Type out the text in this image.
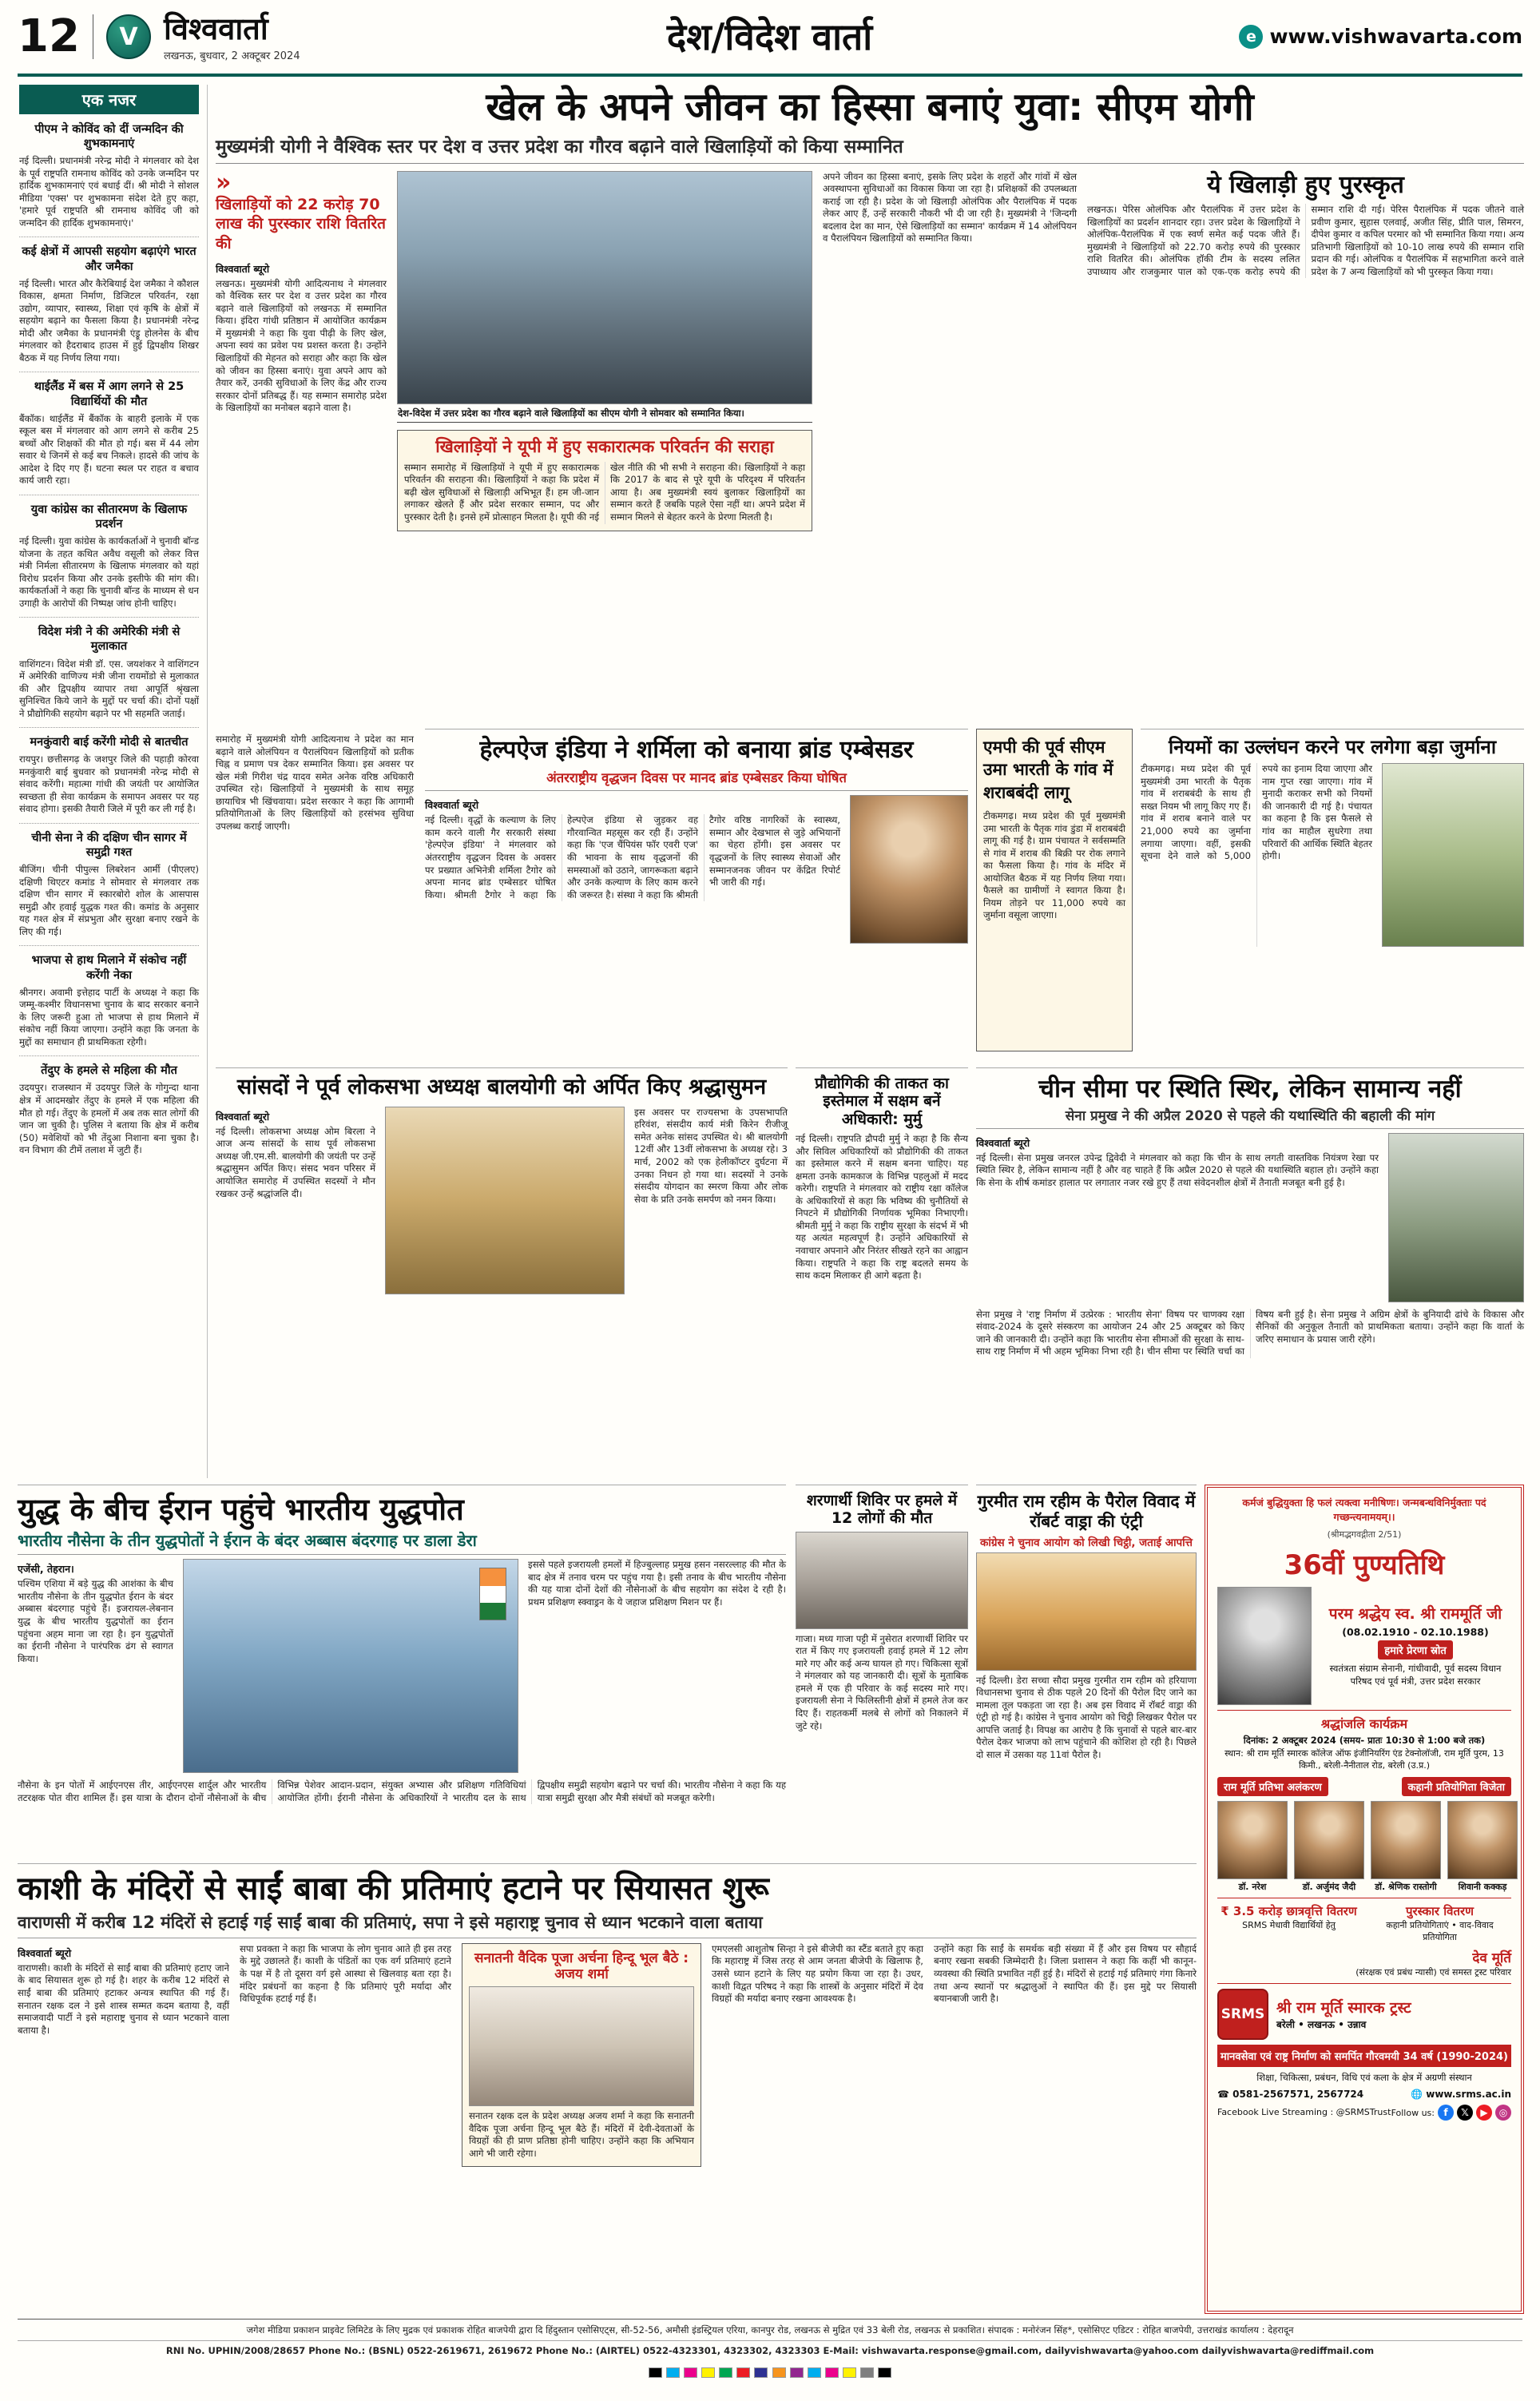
12	V विश्ववार्ता
लखनऊ, बुधवार, 2 अक्टूबर 2024	देश/विदेश वार्ता	e www.vishwavarta.com
एक नजर
पीएम ने कोविंद को दीं जन्मदिन की शुभकामनाएं
नई दिल्ली। प्रधानमंत्री नरेन्द्र मोदी ने मंगलवार को देश के पूर्व राष्ट्रपति रामनाथ कोविंद को उनके जन्मदिन पर हार्दिक शुभकामनाएं एवं बधाई दीं। श्री मोदी ने सोशल मीडिया 'एक्स' पर शुभकामना संदेश देते हुए कहा, 'हमारे पूर्व राष्ट्रपति श्री रामनाथ कोविंद जी को जन्मदिन की हार्दिक शुभकामनाएं।'
कई क्षेत्रों में आपसी सहयोग बढ़ाएंगे भारत और जमैका
नई दिल्ली। भारत और कैरेबियाई देश जमैका ने कौशल विकास, क्षमता निर्माण, डिजिटल परिवर्तन, रक्षा उद्योग, व्यापार, स्वास्थ्य, शिक्षा एवं कृषि के क्षेत्रों में सहयोग बढ़ाने का फैसला किया है। प्रधानमंत्री नरेन्द्र मोदी और जमैका के प्रधानमंत्री एंड्रू होलनेस के बीच मंगलवार को हैदराबाद हाउस में हुई द्विपक्षीय शिखर बैठक में यह निर्णय लिया गया।
थाईलैंड में बस में आग लगने से 25 विद्यार्थियों की मौत
बैंकॉक। थाईलैंड में बैंकॉक के बाहरी इलाके में एक स्कूल बस में मंगलवार को आग लगने से करीब 25 बच्चों और शिक्षकों की मौत हो गई। बस में 44 लोग सवार थे जिनमें से कई बच निकले। हादसे की जांच के आदेश दे दिए गए हैं। घटना स्थल पर राहत व बचाव कार्य जारी रहा।
युवा कांग्रेस का सीतारमण के खिलाफ प्रदर्शन
नई दिल्ली। युवा कांग्रेस के कार्यकर्ताओं ने चुनावी बॉन्ड योजना के तहत कथित अवैध वसूली को लेकर वित्त मंत्री निर्मला सीतारमण के खिलाफ मंगलवार को यहां विरोध प्रदर्शन किया और उनके इस्तीफे की मांग की। कार्यकर्ताओं ने कहा कि चुनावी बॉन्ड के माध्यम से धन उगाही के आरोपों की निष्पक्ष जांच होनी चाहिए।
विदेश मंत्री ने की अमेरिकी मंत्री से मुलाकात
वाशिंगटन। विदेश मंत्री डॉ. एस. जयशंकर ने वाशिंगटन में अमेरिकी वाणिज्य मंत्री जीना रायमोंडो से मुलाकात की और द्विपक्षीय व्यापार तथा आपूर्ति श्रृंखला सुनिश्चित किये जाने के मुद्दों पर चर्चा की। दोनों पक्षों ने प्रौद्योगिकी सहयोग बढ़ाने पर भी सहमति जताई।
मनकुंवारी बाई करेंगी मोदी से बातचीत
रायपुर। छत्तीसगढ़ के जशपुर जिले की पहाड़ी कोरवा मनकुंवारी बाई बुधवार को प्रधानमंत्री नरेन्द्र मोदी से संवाद करेंगी। महात्मा गांधी की जयंती पर आयोजित स्वच्छता ही सेवा कार्यक्रम के समापन अवसर पर यह संवाद होगा। इसकी तैयारी जिले में पूरी कर ली गई है।
चीनी सेना ने की दक्षिण चीन सागर में समुद्री गश्त
बीजिंग। चीनी पीपुल्स लिबरेशन आर्मी (पीएलए) दक्षिणी थिएटर कमांड ने सोमवार से मंगलवार तक दक्षिण चीन सागर में स्कारबोरो शोल के आसपास समुद्री और हवाई युद्धक गश्त की। कमांड के अनुसार यह गश्त क्षेत्र में संप्रभुता और सुरक्षा बनाए रखने के लिए की गई।
भाजपा से हाथ मिलाने में संकोच नहीं करेंगी नेका
श्रीनगर। अवामी इत्तेहाद पार्टी के अध्यक्ष ने कहा कि जम्मू-कश्मीर विधानसभा चुनाव के बाद सरकार बनाने के लिए जरूरी हुआ तो भाजपा से हाथ मिलाने में संकोच नहीं किया जाएगा। उन्होंने कहा कि जनता के मुद्दों का समाधान ही प्राथमिकता रहेगी।
तेंदुए के हमले से महिला की मौत
उदयपुर। राजस्थान में उदयपुर जिले के गोगुन्दा थाना क्षेत्र में आदमखोर तेंदुए के हमले में एक महिला की मौत हो गई। तेंदुए के हमलों में अब तक सात लोगों की जान जा चुकी है। पुलिस ने बताया कि क्षेत्र में करीब (50) मवेशियों को भी तेंदुआ निशाना बना चुका है। वन विभाग की टीमें तलाश में जुटी हैं।
खेल के अपने जीवन का हिस्सा बनाएं युवा: सीएम योगी
मुख्यमंत्री योगी ने वैश्विक स्तर पर देश व उत्तर प्रदेश का गौरव बढ़ाने वाले खिलाड़ियों को किया सम्मानित
»
खिलाड़ियों को 22 करोड़ 70 लाख की पुरस्कार राशि वितरित की
विश्ववार्ता ब्यूरो
लखनऊ। मुख्यमंत्री योगी आदित्यनाथ ने मंगलवार को वैश्विक स्तर पर देश व उत्तर प्रदेश का गौरव बढ़ाने वाले खिलाड़ियों को लखनऊ में सम्मानित किया। इंदिरा गांधी प्रतिष्ठान में आयोजित कार्यक्रम में मुख्यमंत्री ने कहा कि युवा पीढ़ी के लिए खेल, अपना स्वयं का प्रवेश पथ प्रशस्त करता है। उन्होंने खिलाड़ियों की मेहनत को सराहा और कहा कि खेल को जीवन का हिस्सा बनाएं। युवा अपने आप को तैयार करें, उनकी सुविधाओं के लिए केंद्र और राज्य सरकार दोनों प्रतिबद्ध हैं। यह सम्मान समारोह प्रदेश के खिलाड़ियों का मनोबल बढ़ाने वाला है।	देश-विदेश में उत्तर प्रदेश का गौरव बढ़ाने वाले खिलाड़ियों का सीएम योगी ने सोमवार को सम्मानित किया।
खिलाड़ियों ने यूपी में हुए सकारात्मक परिवर्तन की सराहा
सम्मान समारोह में खिलाड़ियों ने यूपी में हुए सकारात्मक परिवर्तन की सराहना की। खिलाड़ियों ने कहा कि प्रदेश में बढ़ी खेल सुविधाओं से खिलाड़ी अभिभूत हैं। हम जी-जान लगाकर खेलते हैं और प्रदेश सरकार सम्मान, पद और पुरस्कार देती है। इनसे हमें प्रोत्साहन मिलता है। यूपी की नई खेल नीति की भी सभी ने सराहना की। खिलाड़ियों ने कहा कि 2017 के बाद से पूरे यूपी के परिदृश्य में परिवर्तन आया है। अब मुख्यमंत्री स्वयं बुलाकर खिलाड़ियों का सम्मान करते हैं जबकि पहले ऐसा नहीं था। अपने प्रदेश में सम्मान मिलने से बेहतर करने के प्रेरणा मिलती है।
अपने जीवन का हिस्सा बनाएं, इसके लिए प्रदेश के शहरों और गांवों में खेल अवस्थापना सुविधाओं का विकास किया जा रहा है। प्रशिक्षकों की उपलब्धता कराई जा रही है। प्रदेश के जो खिलाड़ी ओलंपिक और पैरालंपिक में पदक लेकर आए हैं, उन्हें सरकारी नौकरी भी दी जा रही है। मुख्यमंत्री ने 'जिन्दगी बदलाव देश का मान, ऐसे खिलाड़ियों का सम्मान' कार्यक्रम में 14 ओलंपियन व पैरालंपियन खिलाड़ियों को सम्मानित किया।
ये खिलाड़ी हुए पुरस्कृत
लखनऊ। पेरिस ओलंपिक और पैरालंपिक में उत्तर प्रदेश के खिलाड़ियों का प्रदर्शन शानदार रहा। उत्तर प्रदेश के खिलाड़ियों ने ओलंपिक-पैरालंपिक में एक स्वर्ण समेत कई पदक जीते हैं। मुख्यमंत्री ने खिलाड़ियों को 22.70 करोड़ रुपये की पुरस्कार राशि वितरित की। ओलंपिक हॉकी टीम के सदस्य ललित उपाध्याय और राजकुमार पाल को एक-एक करोड़ रुपये की सम्मान राशि दी गई। पेरिस पैरालंपिक में पदक जीतने वाले प्रवीण कुमार, सुहास एलवाई, अजीत सिंह, प्रीति पाल, सिमरन, दीपेश कुमार व कपिल परमार को भी सम्मानित किया गया। अन्य प्रतिभागी खिलाड़ियों को 10-10 लाख रुपये की सम्मान राशि प्रदान की गई। ओलंपिक व पैरालंपिक में सहभागिता करने वाले प्रदेश के 7 अन्य खिलाड़ियों को भी पुरस्कृत किया गया।
समारोह में मुख्यमंत्री योगी आदित्यनाथ ने प्रदेश का मान बढ़ाने वाले ओलंपियन व पैरालंपियन खिलाड़ियों को प्रतीक चिह्न व प्रमाण पत्र देकर सम्मानित किया। इस अवसर पर खेल मंत्री गिरीश चंद्र यादव समेत अनेक वरिष्ठ अधिकारी उपस्थित रहे। खिलाड़ियों ने मुख्यमंत्री के साथ समूह छायाचित्र भी खिंचवाया। प्रदेश सरकार ने कहा कि आगामी प्रतियोगिताओं के लिए खिलाड़ियों को हरसंभव सुविधा उपलब्ध कराई जाएगी।
हेल्पऐज इंडिया ने शर्मिला को बनाया ब्रांड एम्बेसडर
अंतरराष्ट्रीय वृद्धजन दिवस पर मानद ब्रांड एम्बेसडर किया घोषित
विश्ववार्ता ब्यूरो
नई दिल्ली। वृद्धों के कल्याण के लिए काम करने वाली गैर सरकारी संस्था 'हेल्पऐज इंडिया' ने मंगलवार को अंतरराष्ट्रीय वृद्धजन दिवस के अवसर पर प्रख्यात अभिनेत्री शर्मिला टैगोर को अपना मानद ब्रांड एम्बेसडर घोषित किया। श्रीमती टैगोर ने कहा कि हेल्पऐज इंडिया से जुड़कर वह गौरवान्वित महसूस कर रही हैं। उन्होंने कहा कि 'एज चैंपियंस फॉर एवरी एज' की भावना के साथ वृद्धजनों की समस्याओं को उठाने, जागरूकता बढ़ाने और उनके कल्याण के लिए काम करने की जरूरत है। संस्था ने कहा कि श्रीमती टैगोर वरिष्ठ नागरिकों के स्वास्थ्य, सम्मान और देखभाल से जुड़े अभियानों का चेहरा होंगी। इस अवसर पर वृद्धजनों के लिए स्वास्थ्य सेवाओं और सम्मानजनक जीवन पर केंद्रित रिपोर्ट भी जारी की गई।
एमपी की पूर्व सीएम उमा भारती के गांव में शराबबंदी लागू
टीकमगढ़। मध्य प्रदेश की पूर्व मुख्यमंत्री उमा भारती के पैतृक गांव डुंडा में शराबबंदी लागू की गई है। ग्राम पंचायत ने सर्वसम्मति से गांव में शराब की बिक्री पर रोक लगाने का फैसला किया है। गांव के मंदिर में आयोजित बैठक में यह निर्णय लिया गया। फैसले का ग्रामीणों ने स्वागत किया है। नियम तोड़ने पर 11,000 रुपये का जुर्माना वसूला जाएगा।
नियमों का उल्लंघन करने पर लगेगा बड़ा जुर्माना
टीकमगढ़। मध्य प्रदेश की पूर्व मुख्यमंत्री उमा भारती के पैतृक गांव में शराबबंदी के साथ ही सख्त नियम भी लागू किए गए हैं। गांव में शराब बनाने वाले पर 21,000 रुपये का जुर्माना लगाया जाएगा। वहीं, इसकी सूचना देने वाले को 5,000 रुपये का इनाम दिया जाएगा और नाम गुप्त रखा जाएगा। गांव में मुनादी कराकर सभी को नियमों की जानकारी दी गई है। पंचायत का कहना है कि इस फैसले से गांव का माहौल सुधरेगा तथा परिवारों की आर्थिक स्थिति बेहतर होगी।
सांसदों ने पूर्व लोकसभा अध्यक्ष बालयोगी को अर्पित किए श्रद्धासुमन
विश्ववार्ता ब्यूरो
नई दिल्ली। लोकसभा अध्यक्ष ओम बिरला ने आज अन्य सांसदों के साथ पूर्व लोकसभा अध्यक्ष जी.एम.सी. बालयोगी की जयंती पर उन्हें श्रद्धासुमन अर्पित किए। संसद भवन परिसर में आयोजित समारोह में उपस्थित सदस्यों ने मौन रखकर उन्हें श्रद्धांजलि दी।
इस अवसर पर राज्यसभा के उपसभापति हरिवंश, संसदीय कार्य मंत्री किरेन रीजीजू समेत अनेक सांसद उपस्थित थे। श्री बालयोगी 12वीं और 13वीं लोकसभा के अध्यक्ष रहे। 3 मार्च, 2002 को एक हेलीकॉप्टर दुर्घटना में उनका निधन हो गया था। सदस्यों ने उनके संसदीय योगदान का स्मरण किया और लोक सेवा के प्रति उनके समर्पण को नमन किया।
प्रौद्योगिकी की ताकत का इस्तेमाल में सक्षम बनें अधिकारी: मुर्मु
नई दिल्ली। राष्ट्रपति द्रौपदी मुर्मु ने कहा है कि सैन्य और सिविल अधिकारियों को प्रौद्योगिकी की ताकत का इस्तेमाल करने में सक्षम बनना चाहिए। यह क्षमता उनके कामकाज के विभिन्न पहलुओं में मदद करेगी। राष्ट्रपति ने मंगलवार को राष्ट्रीय रक्षा कॉलेज के अधिकारियों से कहा कि भविष्य की चुनौतियों से निपटने में प्रौद्योगिकी निर्णायक भूमिका निभाएगी। श्रीमती मुर्मु ने कहा कि राष्ट्रीय सुरक्षा के संदर्भ में भी यह अत्यंत महत्वपूर्ण है। उन्होंने अधिकारियों से नवाचार अपनाने और निरंतर सीखते रहने का आह्वान किया। राष्ट्रपति ने कहा कि राष्ट्र बदलते समय के साथ कदम मिलाकर ही आगे बढ़ता है।
चीन सीमा पर स्थिति स्थिर, लेकिन सामान्य नहीं
सेना प्रमुख ने की अप्रैल 2020 से पहले की यथास्थिति की बहाली की मांग
विश्ववार्ता ब्यूरो
नई दिल्ली। सेना प्रमुख जनरल उपेन्द्र द्विवेदी ने मंगलवार को कहा कि चीन के साथ लगती वास्तविक नियंत्रण रेखा पर स्थिति स्थिर है, लेकिन सामान्य नहीं है और वह चाहते हैं कि अप्रैल 2020 से पहले की यथास्थिति बहाल हो। उन्होंने कहा कि सेना के शीर्ष कमांडर हालात पर लगातार नजर रखे हुए हैं तथा संवेदनशील क्षेत्रों में तैनाती मजबूत बनी हुई है।
सेना प्रमुख ने 'राष्ट्र निर्माण में उत्प्रेरक : भारतीय सेना' विषय पर चाणक्य रक्षा संवाद-2024 के दूसरे संस्करण का आयोजन 24 और 25 अक्टूबर को किए जाने की जानकारी दी। उन्होंने कहा कि भारतीय सेना सीमाओं की सुरक्षा के साथ-साथ राष्ट्र निर्माण में भी अहम भूमिका निभा रही है। चीन सीमा पर स्थिति चर्चा का विषय बनी हुई है। सेना प्रमुख ने अग्रिम क्षेत्रों के बुनियादी ढांचे के विकास और सैनिकों की अनुकूल तैनाती को प्राथमिकता बताया। उन्होंने कहा कि वार्ता के जरिए समाधान के प्रयास जारी रहेंगे।
युद्ध के बीच ईरान पहुंचे भारतीय युद्धपोत
भारतीय नौसेना के तीन युद्धपोतों ने ईरान के बंदर अब्बास बंदरगाह पर डाला डेरा
एजेंसी, तेहरान।
पश्चिम एशिया में बड़े युद्ध की आशंका के बीच भारतीय नौसेना के तीन युद्धपोत ईरान के बंदर अब्बास बंदरगाह पहुंचे हैं। इजरायल-लेबनान युद्ध के बीच भारतीय युद्धपोतों का ईरान पहुंचना अहम माना जा रहा है। इन युद्धपोतों का ईरानी नौसेना ने पारंपरिक ढंग से स्वागत किया।
इससे पहले इजरायली हमलों में हिज्बुल्लाह प्रमुख हसन नसरल्लाह की मौत के बाद क्षेत्र में तनाव चरम पर पहुंच गया है। इसी तनाव के बीच भारतीय नौसेना की यह यात्रा दोनों देशों की नौसेनाओं के बीच सहयोग का संदेश दे रही है। प्रथम प्रशिक्षण स्क्वाड्रन के ये जहाज प्रशिक्षण मिशन पर हैं।
नौसेना के इन पोतों में आईएनएस तीर, आईएनएस शार्दुल और भारतीय तटरक्षक पोत वीरा शामिल हैं। इस यात्रा के दौरान दोनों नौसेनाओं के बीच विभिन्न पेशेवर आदान-प्रदान, संयुक्त अभ्यास और प्रशिक्षण गतिविधियां आयोजित होंगी। ईरानी नौसेना के अधिकारियों ने भारतीय दल के साथ द्विपक्षीय समुद्री सहयोग बढ़ाने पर चर्चा की। भारतीय नौसेना ने कहा कि यह यात्रा समुद्री सुरक्षा और मैत्री संबंधों को मजबूत करेगी।
शरणार्थी शिविर पर हमले में 12 लोगों की मौत
गाजा। मध्य गाजा पट्टी में नुसेरात शरणार्थी शिविर पर रात में किए गए इजरायली हवाई हमले में 12 लोग मारे गए और कई अन्य घायल हो गए। चिकित्सा सूत्रों ने मंगलवार को यह जानकारी दी। सूत्रों के मुताबिक हमले में एक ही परिवार के कई सदस्य मारे गए। इजरायली सेना ने फिलिस्तीनी क्षेत्रों में हमले तेज कर दिए हैं। राहतकर्मी मलबे से लोगों को निकालने में जुटे रहे।
गुरमीत राम रहीम के पैरोल विवाद में रॉबर्ट वाड्रा की एंट्री
कांग्रेस ने चुनाव आयोग को लिखी चिट्ठी, जताई आपत्ति
नई दिल्ली। डेरा सच्चा सौदा प्रमुख गुरमीत राम रहीम को हरियाणा विधानसभा चुनाव से ठीक पहले 20 दिनों की पैरोल दिए जाने का मामला तूल पकड़ता जा रहा है। अब इस विवाद में रॉबर्ट वाड्रा की एंट्री हो गई है। कांग्रेस ने चुनाव आयोग को चिट्ठी लिखकर पैरोल पर आपत्ति जताई है। विपक्ष का आरोप है कि चुनावों से पहले बार-बार पैरोल देकर भाजपा को लाभ पहुंचाने की कोशिश हो रही है। पिछले दो साल में उसका यह 11वां पैरोल है।
कर्मजं बुद्धियुक्ता हि फलं त्यक्त्वा मनीषिणः। जन्मबन्धविनिर्मुक्ताः पदं गच्छन्त्यनामयम्।।
(श्रीमद्भगवद्गीता 2/51)
36वीं पुण्यतिथि
परम श्रद्धेय स्व. श्री राममूर्ति जी
(08.02.1910 - 02.10.1988)
हमारे प्रेरणा स्रोत
स्वतंत्रता संग्राम सेनानी, गांधीवादी, पूर्व सदस्य विधान परिषद एवं पूर्व मंत्री, उत्तर प्रदेश सरकार
श्रद्धांजलि कार्यक्रम
दिनांक: 2 अक्टूबर 2024 (समय- प्रातः 10:30 से 1:00 बजे तक)
स्थान: श्री राम मूर्ति स्मारक कॉलेज ऑफ इंजीनियरिंग एंड टेक्नोलॉजी, राम मूर्ति पुरम, 13 किमी., बरेली-नैनीताल रोड, बरेली (उ.प्र.)
राम मूर्ति प्रतिभा अलंकरण	कहानी प्रतियोगिता विजेता
डॉ. नरेश	डॉ. अर्जुमंद जैदी	डॉ. श्रेणिक रास्तोगी	शिवानी कक्कड़
₹ 3.5 करोड़ छात्रवृत्ति वितरण
SRMS मेधावी विद्यार्थियों हेतु
पुरस्कार वितरण
कहानी प्रतियोगिताएं • वाद-विवाद प्रतियोगिता
देव मूर्ति
(संरक्षक एवं प्रबंध न्यासी) एवं समस्त ट्रस्ट परिवार
SRMS श्री राम मूर्ति स्मारक ट्रस्ट
बरेली • लखनऊ • उन्नाव
मानवसेवा एवं राष्ट्र निर्माण को समर्पित गौरवमयी 34 वर्ष (1990-2024)
शिक्षा, चिकित्सा, प्रबंधन, विधि एवं कला के क्षेत्र में अग्रणी संस्थान
☎ 0581-2567571, 2567724	🌐 www.srms.ac.in
Facebook Live Streaming : @SRMSTrust Follow us: f 𝕏 ▶ ◎
काशी के मंदिरों से साईं बाबा की प्रतिमाएं हटाने पर सियासत शुरू
वाराणसी में करीब 12 मंदिरों से हटाई गई साईं बाबा की प्रतिमाएं, सपा ने इसे महाराष्ट्र चुनाव से ध्यान भटकाने वाला बताया
विश्ववार्ता ब्यूरो
वाराणसी। काशी के मंदिरों से साईं बाबा की प्रतिमाएं हटाए जाने के बाद सियासत शुरू हो गई है। शहर के करीब 12 मंदिरों से साईं बाबा की प्रतिमाएं हटाकर अन्यत्र स्थापित की गई हैं। सनातन रक्षक दल ने इसे शास्त्र सम्मत कदम बताया है, वहीं समाजवादी पार्टी ने इसे महाराष्ट्र चुनाव से ध्यान भटकाने वाला बताया है।
सपा प्रवक्ता ने कहा कि भाजपा के लोग चुनाव आते ही इस तरह के मुद्दे उछालते हैं। काशी के पंडितों का एक वर्ग प्रतिमाएं हटाने के पक्ष में है तो दूसरा वर्ग इसे आस्था से खिलवाड़ बता रहा है। मंदिर प्रबंधनों का कहना है कि प्रतिमाएं पूरी मर्यादा और विधिपूर्वक हटाई गई हैं।
सनातनी वैदिक पूजा अर्चना हिन्दू भूल बैठे : अजय शर्मा
सनातन रक्षक दल के प्रदेश अध्यक्ष अजय शर्मा ने कहा कि सनातनी वैदिक पूजा अर्चना हिन्दू भूल बैठे हैं। मंदिरों में देवी-देवताओं के विग्रहों की ही प्राण प्रतिष्ठा होनी चाहिए। उन्होंने कहा कि अभियान आगे भी जारी रहेगा।
एमएलसी आशुतोष सिन्हा ने इसे बीजेपी का स्टैंड बताते हुए कहा कि महाराष्ट्र में जिस तरह से आम जनता बीजेपी के खिलाफ है, उससे ध्यान हटाने के लिए यह प्रयोग किया जा रहा है। उधर, काशी विद्वत परिषद ने कहा कि शास्त्रों के अनुसार मंदिरों में देव विग्रहों की मर्यादा बनाए रखना आवश्यक है।
उन्होंने कहा कि साईं के समर्थक बड़ी संख्या में हैं और इस विषय पर सौहार्द बनाए रखना सबकी जिम्मेदारी है। जिला प्रशासन ने कहा कि कहीं भी कानून-व्यवस्था की स्थिति प्रभावित नहीं हुई है। मंदिरों से हटाई गई प्रतिमाएं गंगा किनारे तथा अन्य स्थानों पर श्रद्धालुओं ने स्थापित की हैं। इस मुद्दे पर सियासी बयानबाजी जारी है।
जगेश मीडिया प्रकाशन प्राइवेट लिमिटेड के लिए मुद्रक एवं प्रकाशक रोहित बाजपेयी द्वारा दि हिंदुस्तान एसोसिएट्स, सी-52-56, अमौसी इंडस्ट्रियल एरिया, कानपुर रोड, लखनऊ से मुद्रित एवं 33 बेली रोड, लखनऊ से प्रकाशित। संपादक : मनोरंजन सिंह*, एसोसिएट एडिटर : रोहित बाजपेयी, उत्तराखंड कार्यालय : देहरादून
RNI No. UPHIN/2008/28657 Phone No.: (BSNL) 0522-2619671, 2619672 Phone No.: (AIRTEL) 0522-4323301, 4323302, 4323303 E-Mail: vishwavarta.response@gmail.com, dailyvishwavarta@yahoo.com dailyvishwavarta@rediffmail.com
